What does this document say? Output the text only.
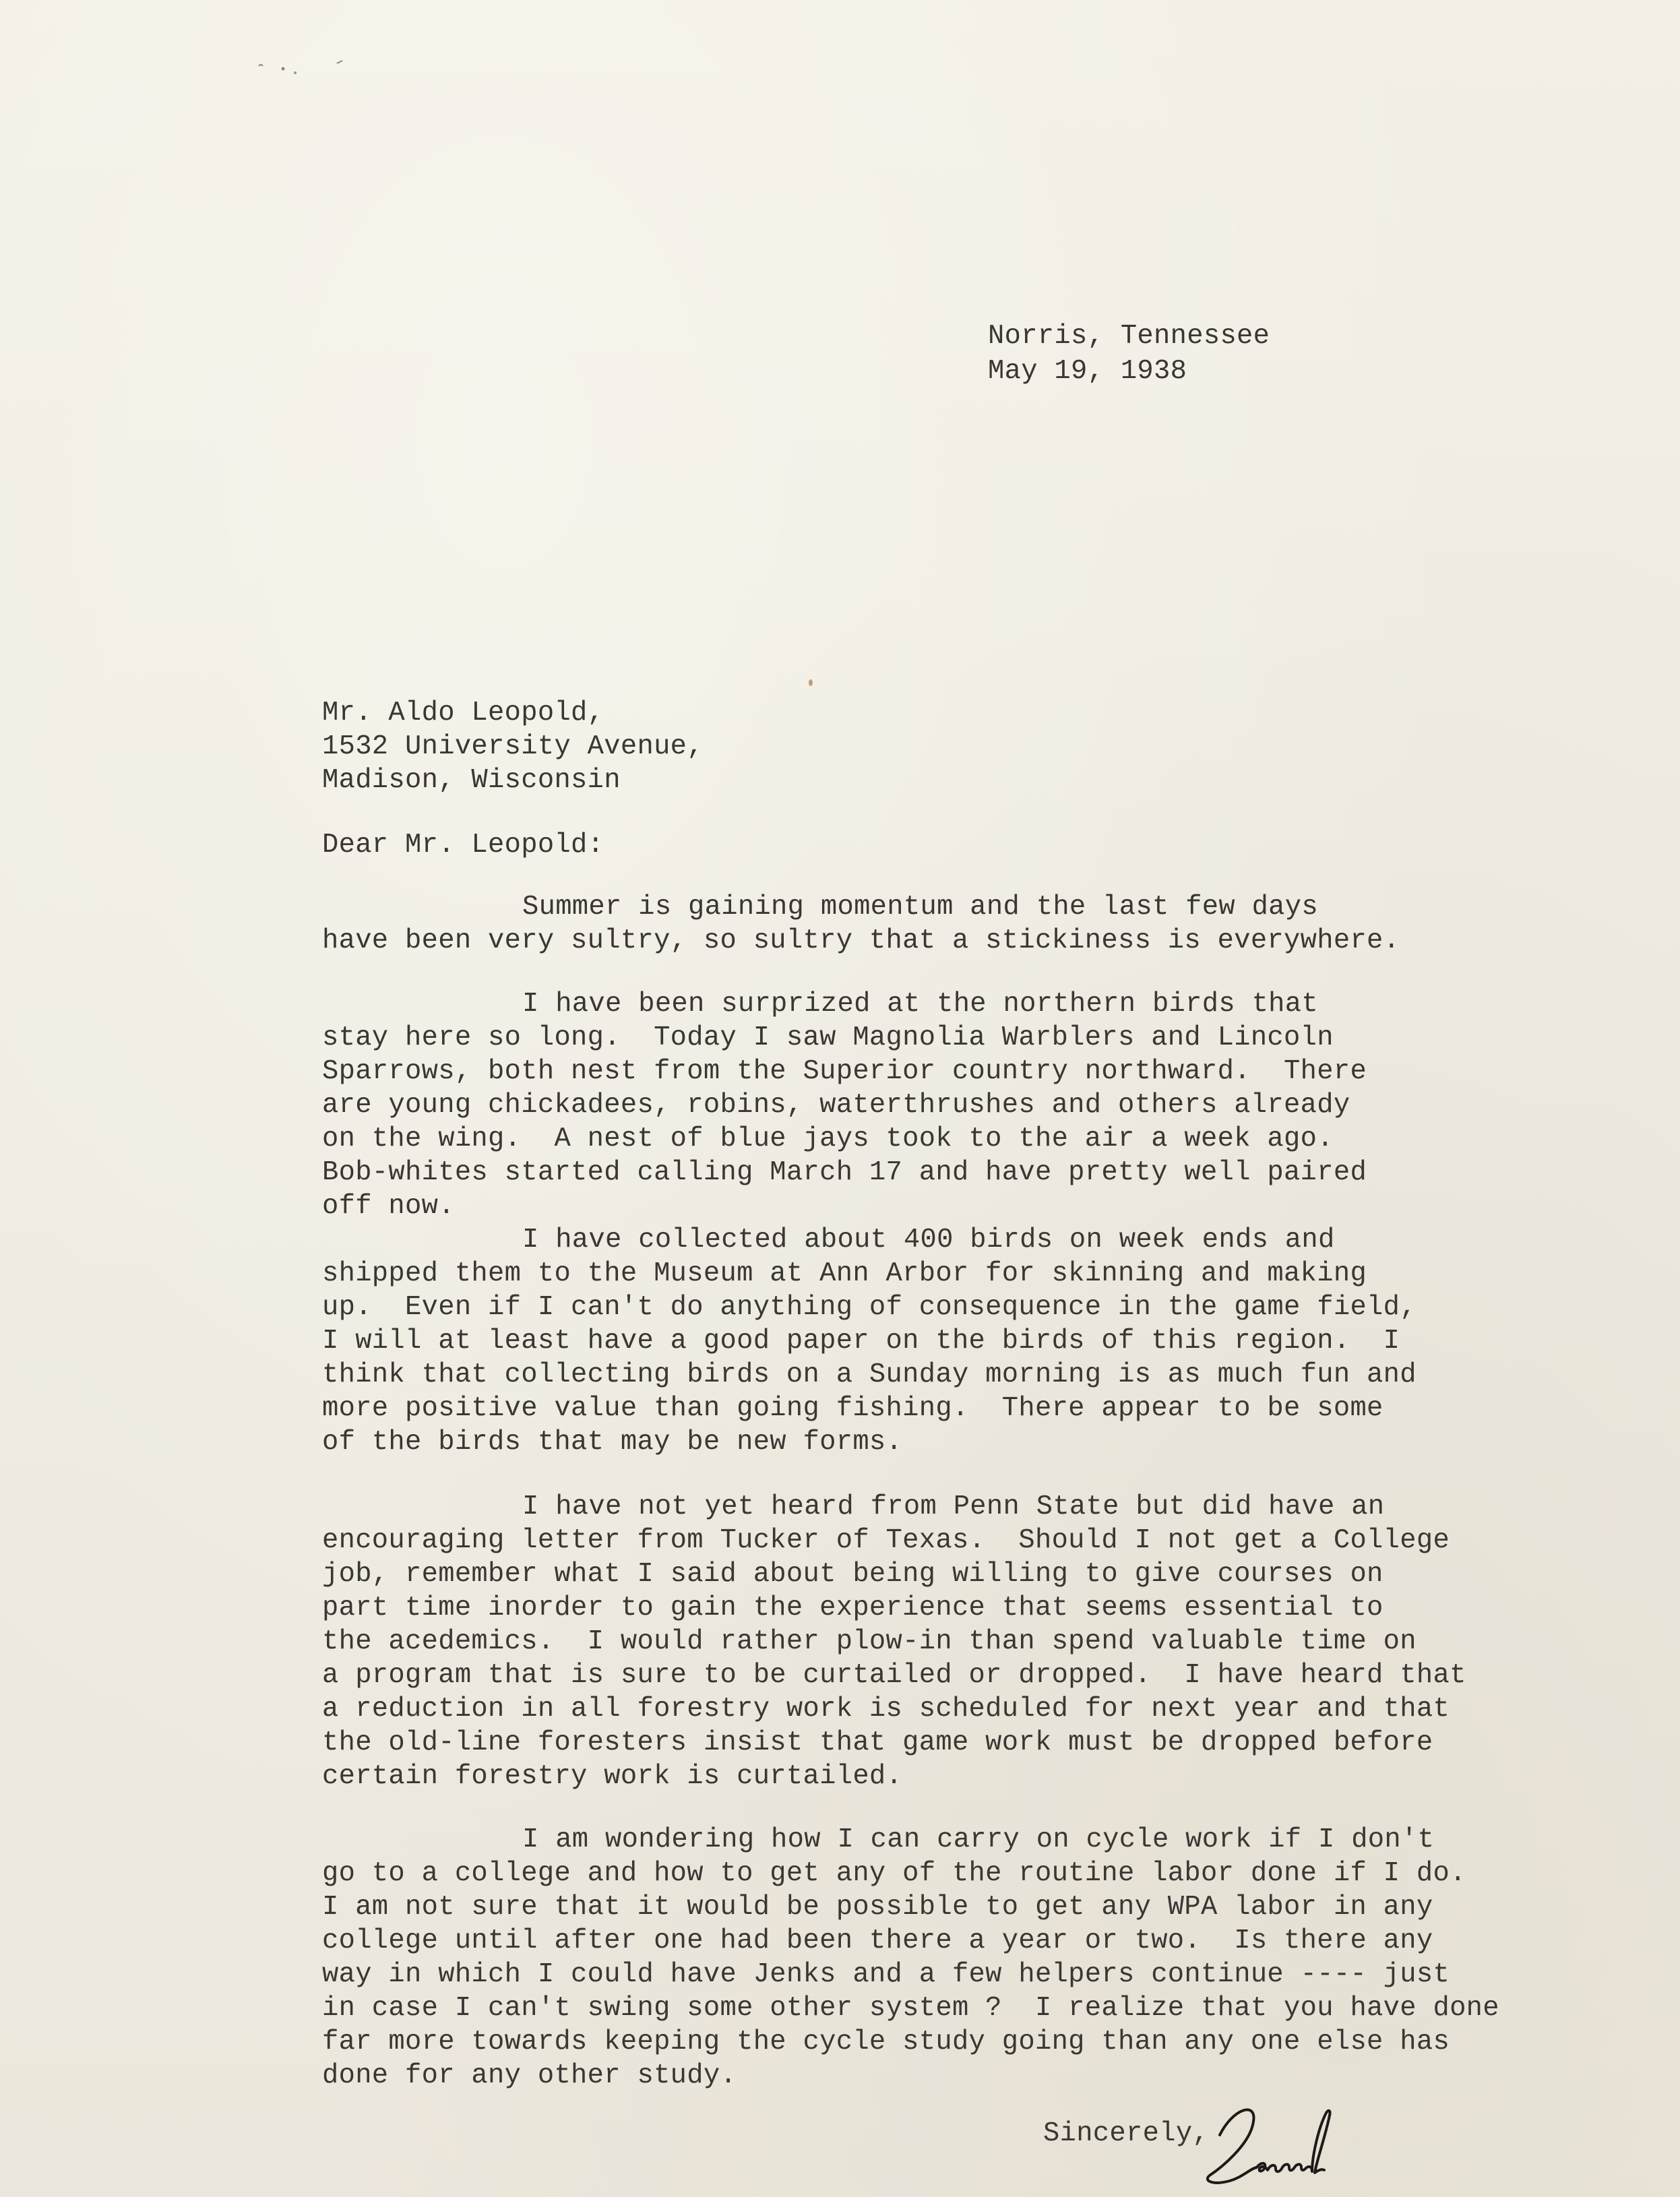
Norris, Tennessee
May 19, 1938
Mr. Aldo Leopold,
1532 University Avenue,
Madison, Wisconsin
Dear Mr. Leopold:
Summer is gaining momentum and the last few days
have been very sultry, so sultry that a stickiness is everywhere.
I have been surprized at the northern birds that
stay here so long.  Today I saw Magnolia Warblers and Lincoln
Sparrows, both nest from the Superior country northward.  There
are young chickadees, robins, waterthrushes and others already
on the wing.  A nest of blue jays took to the air a week ago.
Bob-whites started calling March 17 and have pretty well paired
off now.
I have collected about 400 birds on week ends and
shipped them to the Museum at Ann Arbor for skinning and making
up.  Even if I can't do anything of consequence in the game field,
I will at least have a good paper on the birds of this region.  I
think that collecting birds on a Sunday morning is as much fun and
more positive value than going fishing.  There appear to be some
of the birds that may be new forms.
I have not yet heard from Penn State but did have an
encouraging letter from Tucker of Texas.  Should I not get a College
job, remember what I said about being willing to give courses on
part time inorder to gain the experience that seems essential to
the acedemics.  I would rather plow-in than spend valuable time on
a program that is sure to be curtailed or dropped.  I have heard that
a reduction in all forestry work is scheduled for next year and that
the old-line foresters insist that game work must be dropped before
certain forestry work is curtailed.
I am wondering how I can carry on cycle work if I don't
go to a college and how to get any of the routine labor done if I do.
I am not sure that it would be possible to get any WPA labor in any
college until after one had been there a year or two.  Is there any
way in which I could have Jenks and a few helpers continue ---- just
in case I can't swing some other system ?  I realize that you have done
far more towards keeping the cycle study going than any one else has
done for any other study.
Sincerely,
